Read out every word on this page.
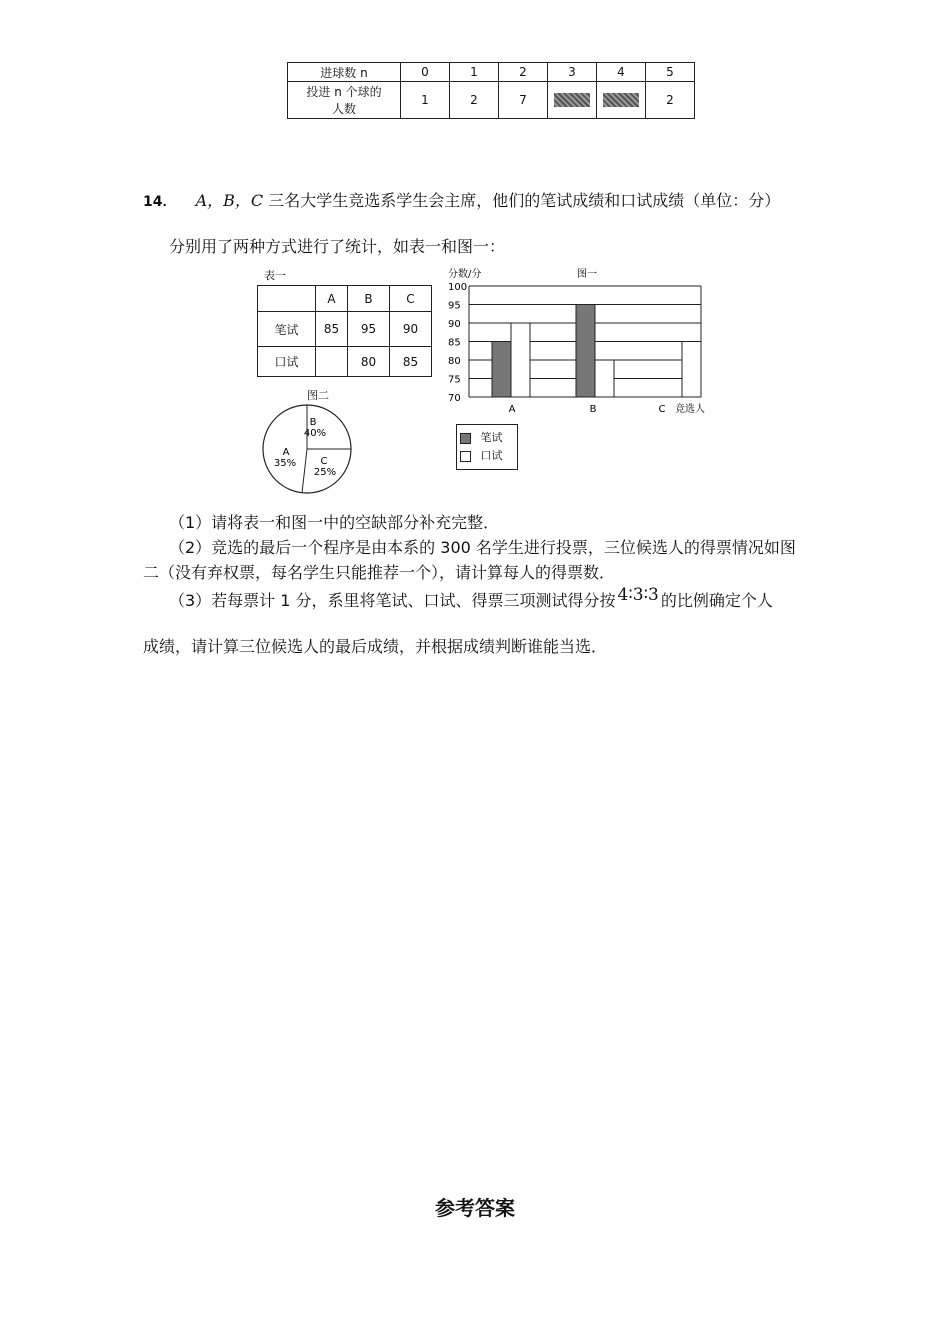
进球数 n	0	1	2	3	4	5

投进 n 个球的
人数	1	2	7			2
14． A，B，C 三名大学生竞选系学生会主席，他们的笔试成绩和口试成绩（单位：分）
分别用了两种方式进行了统计，如表一和图一：
表一
	A	B	C
笔试	85	95	90
口试		80	85
图二
B
40%
A
35% C
25%
分数/分	图一
100
95
90
85
80
75
70
A	B	C 竞选人
笔试
口试
（1）请将表一和图一中的空缺部分补充完整．
（2）竞选的最后一个程序是由本系的 300 名学生进行投票，三位候选人的得票情况如图
二（没有弃权票，每名学生只能推荐一个），请计算每人的得票数．
（3）若每票计 1 分，系里将笔试、口试、得票三项测试得分按 4∶3∶3 的比例确定个人
成绩，请计算三位候选人的最后成绩，并根据成绩判断谁能当选．
参考答案
